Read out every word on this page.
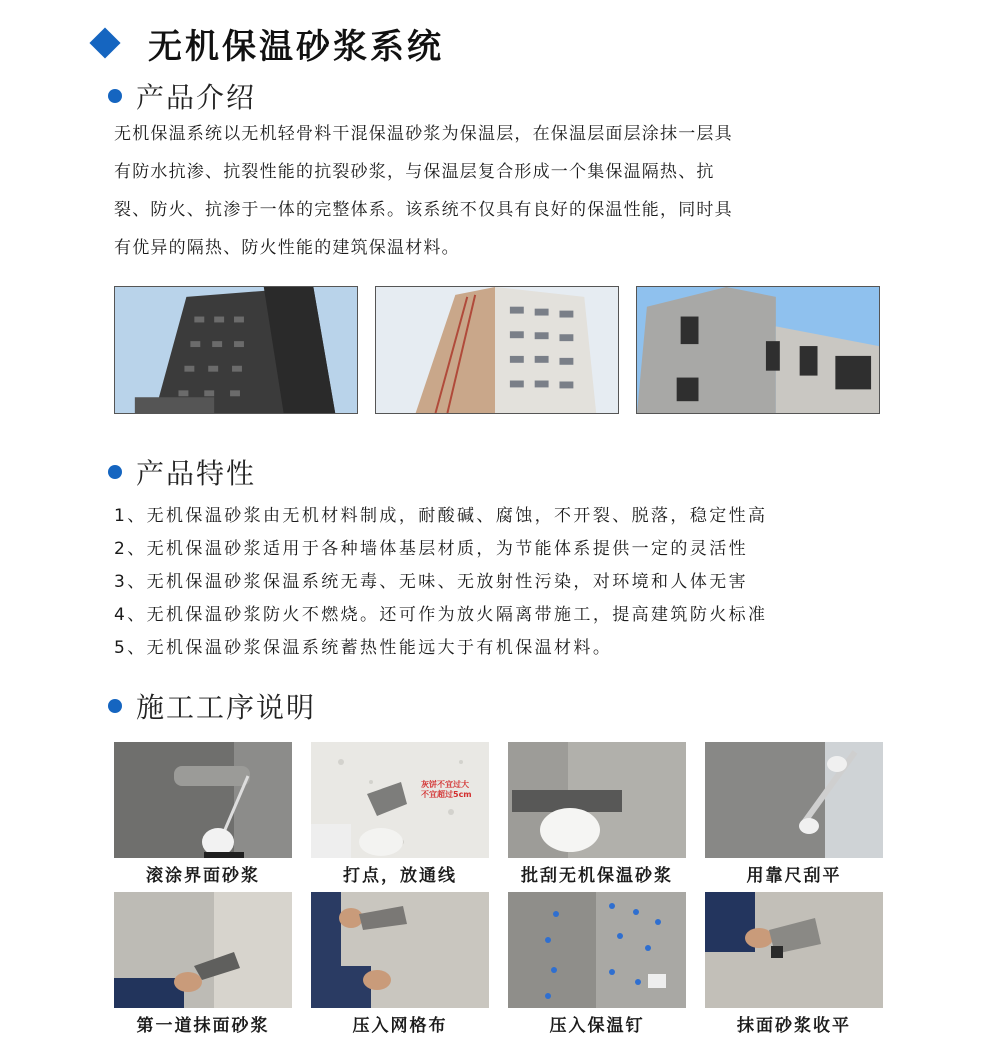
无机保温砂浆系统
产品介绍

无机保温系统以无机轻骨料干混保温砂浆为保温层，在保温层面层涂抹一层具

有防水抗渗、抗裂性能的抗裂砂浆，与保温层复合形成一个集保温隔热、抗

裂、防火、抗渗于一体的完整体系。该系统不仅具有良好的保温性能，同时具

有优异的隔热、防火性能的建筑保温材料。

产品特性
1、无机保温砂浆由无机材料制成，耐酸碱、腐蚀，不开裂、脱落，稳定性高
2、无机保温砂浆适用于各种墙体基层材质，为节能体系提供一定的灵活性
3、无机保温砂浆保温系统无毒、无味、无放射性污染，对环境和人体无害
4、无机保温砂浆防火不燃烧。还可作为放火隔离带施工，提高建筑防火标准
5、无机保温砂浆保温系统蓄热性能远大于有机保温材料。
施工工序说明
滚涂界面砂浆
灰饼不宜过大 不宜超过5cm
打点，放通线	批刮无机保温砂浆	用靠尺刮平
第一道抹面砂浆	压入网格布	压入保温钉	抹面砂浆收平
